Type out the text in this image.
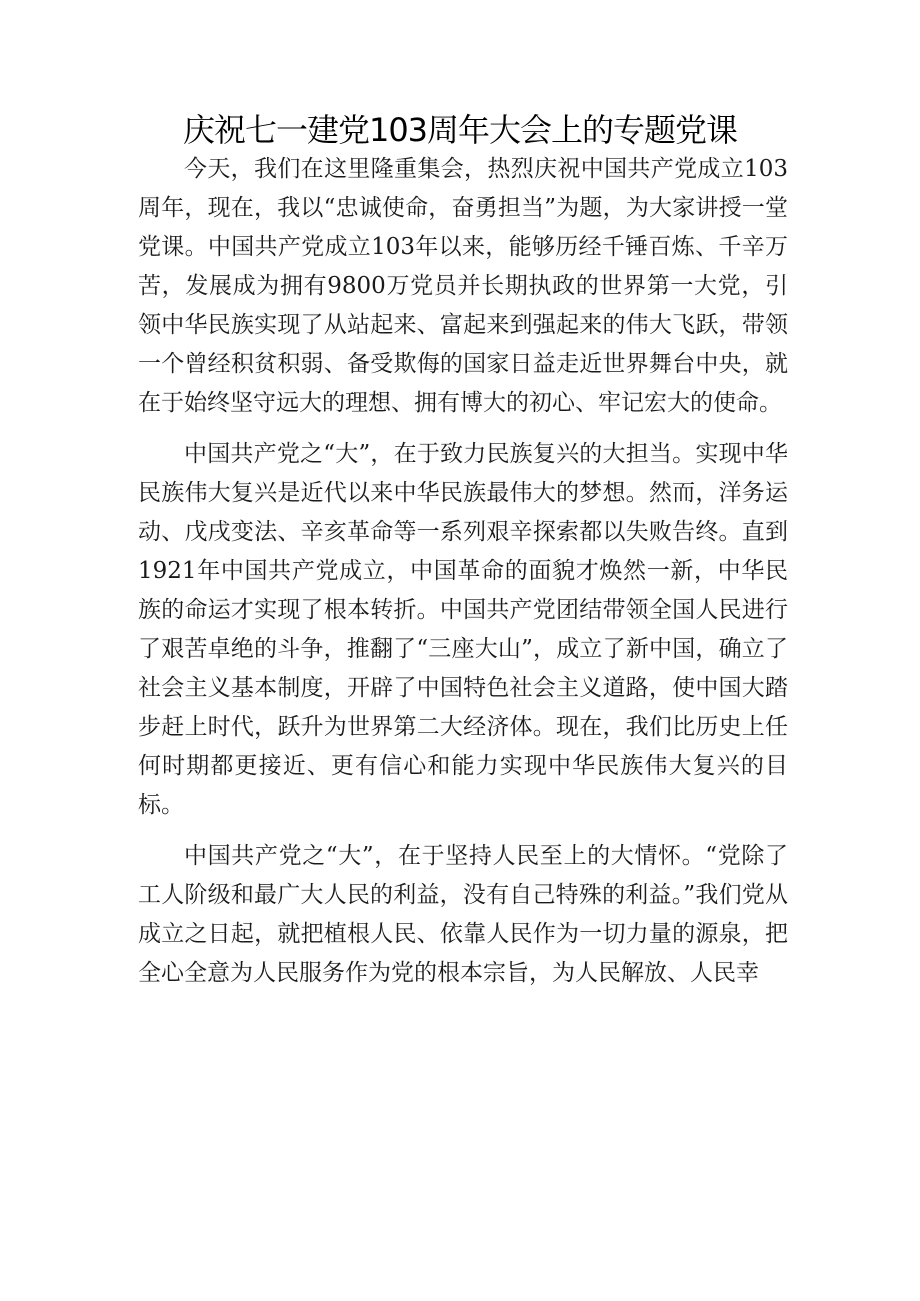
庆祝七一建党103周年大会上的专题党课

今天，我们在这里隆重集会，热烈庆祝中国共产党成立103周年，现在，我以“忠诚使命，奋勇担当”为题，为大家讲授一堂党课。中国共产党成立103年以来，能够历经千锤百炼、千辛万苦，发展成为拥有9800万党员并长期执政的世界第一大党，引领中华民族实现了从站起来、富起来到强起来的伟大飞跃，带领一个曾经积贫积弱、备受欺侮的国家日益走近世界舞台中央，就在于始终坚守远大的理想、拥有博大的初心、牢记宏大的使命。

中国共产党之“大”，在于致力民族复兴的大担当。实现中华民族伟大复兴是近代以来中华民族最伟大的梦想。然而，洋务运动、戊戌变法、辛亥革命等一系列艰辛探索都以失败告终。直到1921年中国共产党成立，中国革命的面貌才焕然一新，中华民族的命运才实现了根本转折。中国共产党团结带领全国人民进行了艰苦卓绝的斗争，推翻了“三座大山”，成立了新中国，确立了社会主义基本制度，开辟了中国特色社会主义道路，使中国大踏步赶上时代，跃升为世界第二大经济体。现在，我们比历史上任何时期都更接近、更有信心和能力实现中华民族伟大复兴的目标。

中国共产党之“大”，在于坚持人民至上的大情怀。“党除了工人阶级和最广大人民的利益，没有自己特殊的利益。”我们党从成立之日起，就把植根人民、依靠人民作为一切力量的源泉，把全心全意为人民服务作为党的根本宗旨，为人民解放、人民幸
